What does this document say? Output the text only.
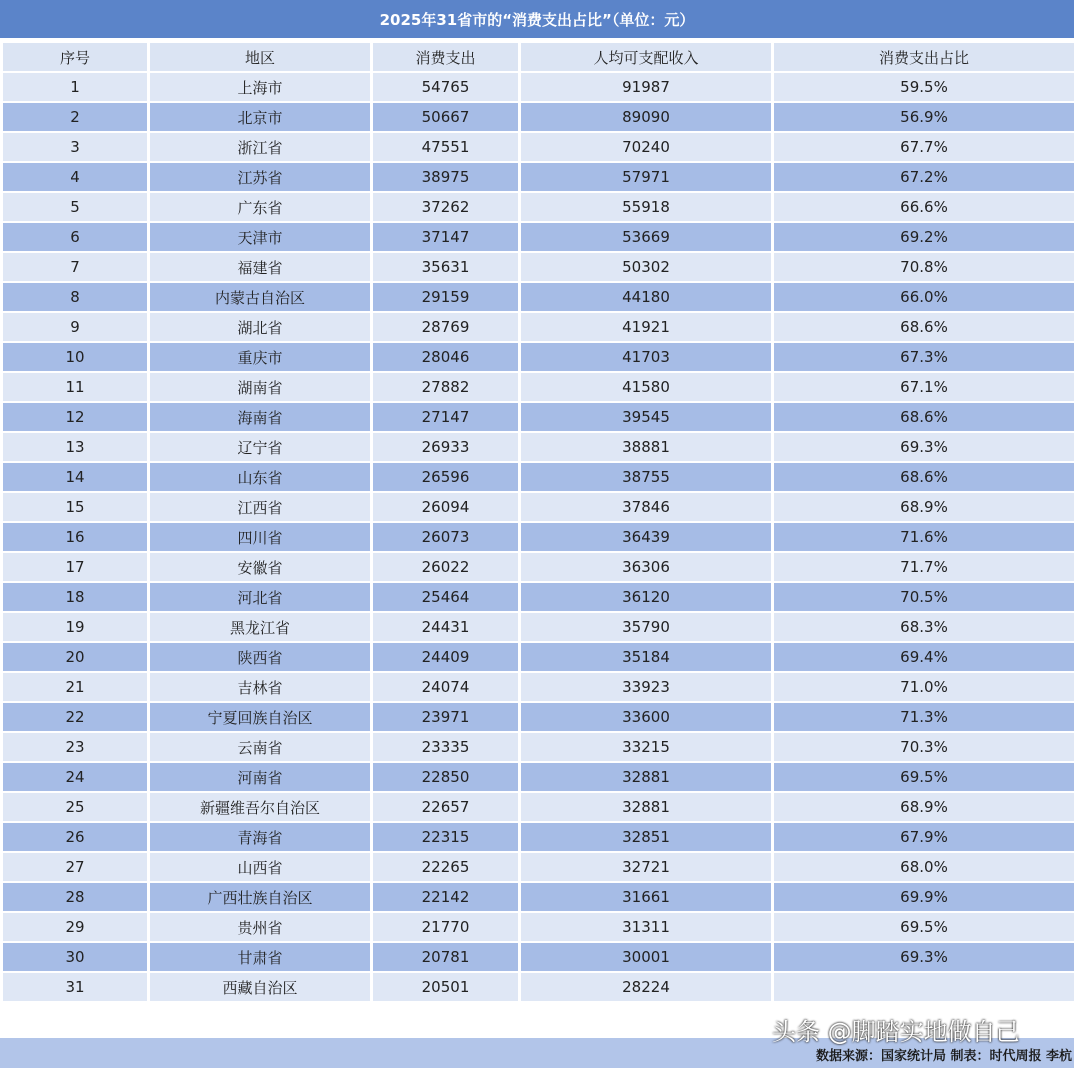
2025年31省市的“消费支出占比”（单位：元）
序号	地区	消费支出	人均可支配收入	消费支出占比
1	上海市	54765	91987	59.5%
2	北京市	50667	89090	56.9%
3	浙江省	47551	70240	67.7%
4	江苏省	38975	57971	67.2%
5	广东省	37262	55918	66.6%
6	天津市	37147	53669	69.2%
7	福建省	35631	50302	70.8%
8	内蒙古自治区	29159	44180	66.0%
9	湖北省	28769	41921	68.6%
10	重庆市	28046	41703	67.3%
11	湖南省	27882	41580	67.1%
12	海南省	27147	39545	68.6%
13	辽宁省	26933	38881	69.3%
14	山东省	26596	38755	68.6%
15	江西省	26094	37846	68.9%
16	四川省	26073	36439	71.6%
17	安徽省	26022	36306	71.7%
18	河北省	25464	36120	70.5%
19	黑龙江省	24431	35790	68.3%
20	陕西省	24409	35184	69.4%
21	吉林省	24074	33923	71.0%
22	宁夏回族自治区	23971	33600	71.3%
23	云南省	23335	33215	70.3%
24	河南省	22850	32881	69.5%
25	新疆维吾尔自治区	22657	32881	68.9%
26	青海省	22315	32851	67.9%
27	山西省	22265	32721	68.0%
28	广西壮族自治区	22142	31661	69.9%
29	贵州省	21770	31311	69.5%
30	甘肃省	20781	30001	69.3%
31	西藏自治区	20501	28224	
数据来源：国家统计局 制表：时代周报 李杭
头条 @脚踏实地做自己
